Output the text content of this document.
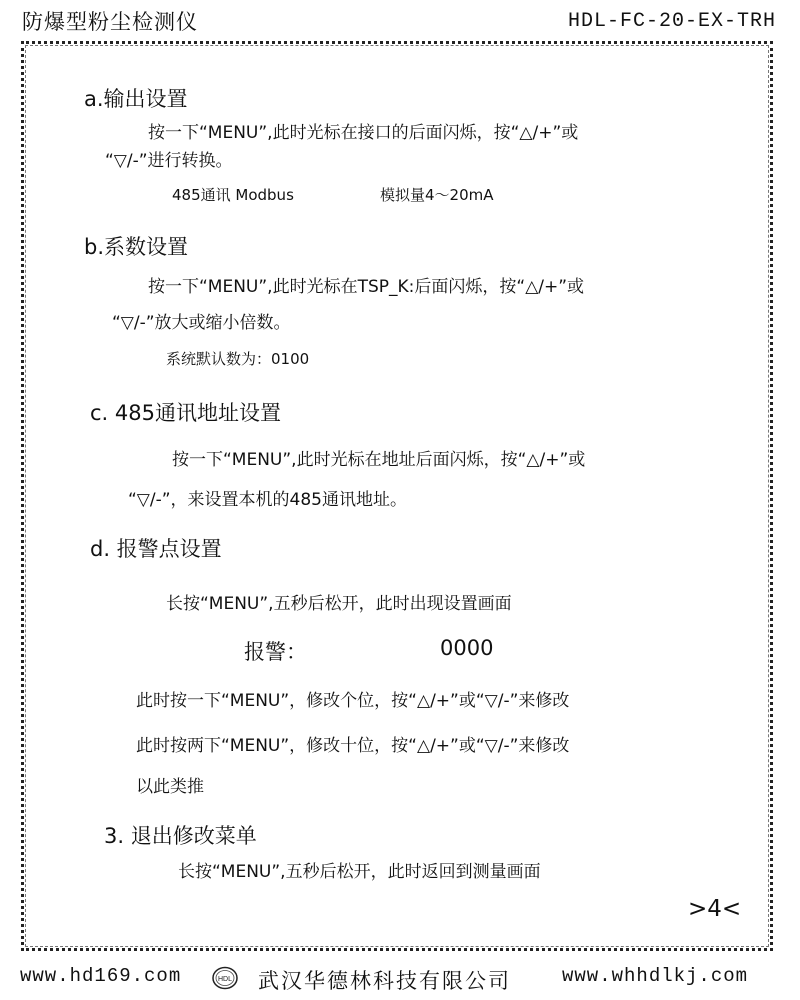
防爆型粉尘检测仪	HDL-FC-20-EX-TRH
a.输出设置
按一下“MENU”,此时光标在接口的后面闪烁，按“△/+”或
“▽/-”进行转换。
485通讯 Modbus	模拟量4～20mA
b.系数设置
按一下“MENU”,此时光标在TSP_K:后面闪烁，按“△/+”或
“▽/-”放大或缩小倍数。
系统默认数为：0100
c. 485通讯地址设置
按一下“MENU”,此时光标在地址后面闪烁，按“△/+”或
“▽/-”，来设置本机的485通讯地址。
d. 报警点设置
长按“MENU”,五秒后松开，此时出现设置画面
报警：	0000
此时按一下“MENU”，修改个位，按“△/+”或“▽/-”来修改
此时按两下“MENU”，修改十位，按“△/+”或“▽/-”来修改
以此类推
3. 退出修改菜单
长按“MENU”,五秒后松开，此时返回到测量画面
>4<
www.hd169.com	HDL 武汉华德林科技有限公司	www.whhdlkj.com
